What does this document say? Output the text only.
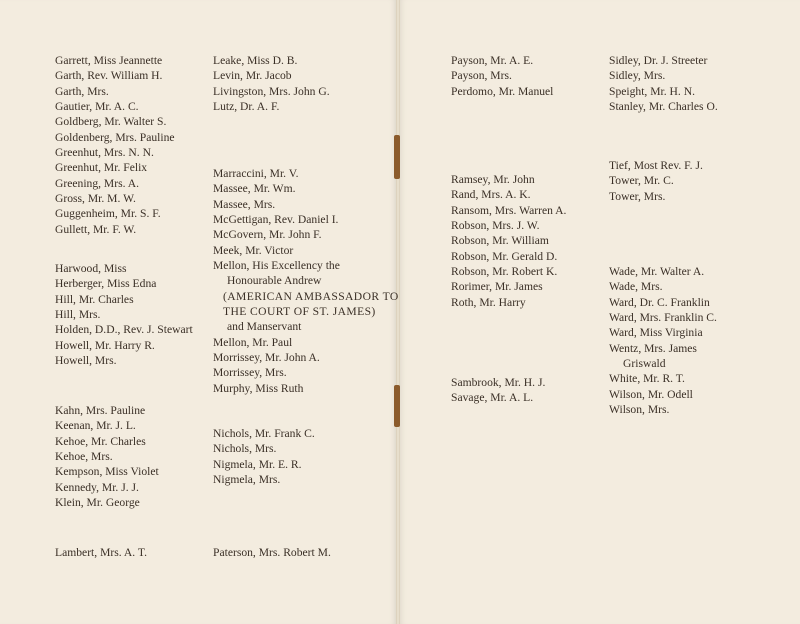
Garrett, Miss Jeannette
Garth, Rev. William H.
Garth, Mrs.
Gautier, Mr. A. C.
Goldberg, Mr. Walter S.
Goldenberg, Mrs. Pauline
Greenhut, Mrs. N. N.
Greenhut, Mr. Felix
Greening, Mrs. A.
Gross, Mr. M. W.
Guggenheim, Mr. S. F.
Gullett, Mr. F. W.
Harwood, Miss
Herberger, Miss Edna
Hill, Mr. Charles
Hill, Mrs.
Holden, D.D., Rev. J. Stewart
Howell, Mr. Harry R.
Howell, Mrs.
Kahn, Mrs. Pauline
Keenan, Mr. J. L.
Kehoe, Mr. Charles
Kehoe, Mrs.
Kempson, Miss Violet
Kennedy, Mr. J. J.
Klein, Mr. George
Lambert, Mrs. A. T.
Leake, Miss D. B.
Levin, Mr. Jacob
Livingston, Mrs. John G.
Lutz, Dr. A. F.
Marraccini, Mr. V.
Massee, Mr. Wm.
Massee, Mrs.
McGettigan, Rev. Daniel I.
McGovern, Mr. John F.
Meek, Mr. Victor
Mellon, His Excellency the
Honourable Andrew
(AMERICAN AMBASSADOR TO
THE COURT OF ST. JAMES)
and Manservant
Mellon, Mr. Paul
Morrissey, Mr. John A.
Morrissey, Mrs.
Murphy, Miss Ruth
Nichols, Mr. Frank C.
Nichols, Mrs.
Nigmela, Mr. E. R.
Nigmela, Mrs.
Paterson, Mrs. Robert M.
Payson, Mr. A. E.
Payson, Mrs.
Perdomo, Mr. Manuel
Ramsey, Mr. John
Rand, Mrs. A. K.
Ransom, Mrs. Warren A.
Robson, Mrs. J. W.
Robson, Mr. William
Robson, Mr. Gerald D.
Robson, Mr. Robert K.
Rorimer, Mr. James
Roth, Mr. Harry
Sambrook, Mr. H. J.
Savage, Mr. A. L.
Sidley, Dr. J. Streeter
Sidley, Mrs.
Speight, Mr. H. N.
Stanley, Mr. Charles O.
Tief, Most Rev. F. J.
Tower, Mr. C.
Tower, Mrs.
Wade, Mr. Walter A.
Wade, Mrs.
Ward, Dr. C. Franklin
Ward, Mrs. Franklin C.
Ward, Miss Virginia
Wentz, Mrs. James
Griswald
White, Mr. R. T.
Wilson, Mr. Odell
Wilson, Mrs.
